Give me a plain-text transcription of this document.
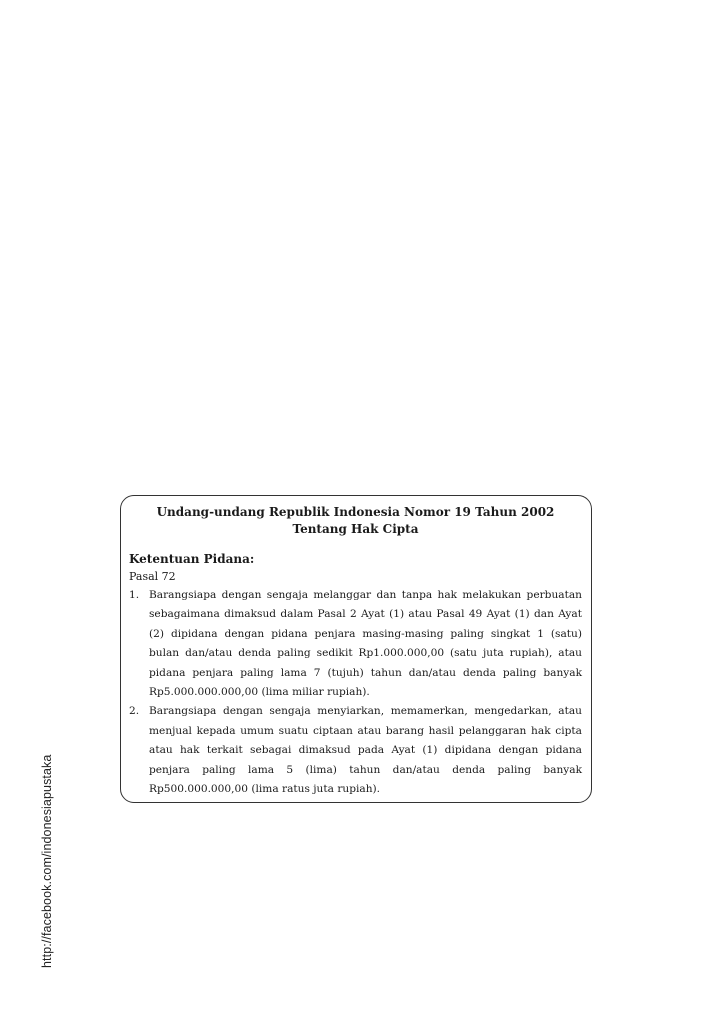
http://facebook.com/indonesiapustaka
Undang-undang Republik Indonesia Nomor 19 Tahun 2002
Tentang Hak Cipta
Ketentuan Pidana:
Pasal 72
1. Barangsiapa dengan sengaja melanggar dan tanpa hak melakukan perbuatan sebagaimana dimaksud dalam Pasal 2 Ayat (1) atau Pasal 49 Ayat (1) dan Ayat (2) dipidana dengan pidana penjara masing-masing paling singkat 1 (satu) bulan dan/atau denda paling sedikit Rp1.000.000,00 (satu juta rupiah), atau pidana penjara paling lama 7 (tujuh) tahun dan/atau denda paling banyak Rp5.000.000.000,00 (lima miliar rupiah).
2. Barangsiapa dengan sengaja menyiarkan, memamerkan, mengedarkan, atau menjual kepada umum suatu ciptaan atau barang hasil pelanggaran hak cipta atau hak terkait sebagai dimaksud pada Ayat (1) dipidana dengan pidana penjara paling lama 5 (lima) tahun dan/atau denda paling banyak Rp500.000.000,00 (lima ratus juta rupiah).
